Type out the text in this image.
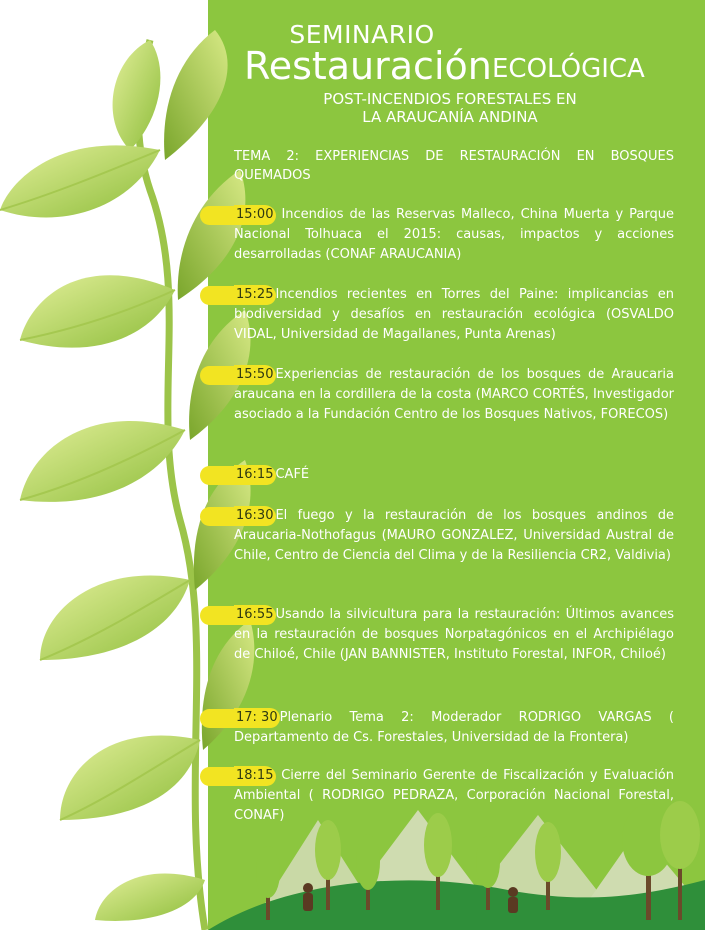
SEMINARIO
Restauración ECOLÓGICA
POST-INCENDIOS FORESTALES EN
LA ARAUCANÍA ANDINA
TEMA 2: EXPERIENCIAS DE RESTAURACIÓN EN BOSQUES QUEMADOS
15:00 Incendios de las Reservas Malleco, China Muerta y Parque Nacional Tolhuaca el 2015: causas, impactos y acciones desarrolladas (CONAF ARAUCANIA)
15:25 Incendios recientes en Torres del Paine: implicancias en biodiversidad y desafíos en restauración ecológica (OSVALDO VIDAL, Universidad de Magallanes, Punta Arenas)
15:50 Experiencias de restauración de los bosques de Araucaria araucana en la cordillera de la costa (MARCO CORTÉS, Investigador asociado a la Fundación Centro de los Bosques Nativos, FORECOS)
16:15 CAFÉ
16:30 El fuego y la restauración de los bosques andinos de Araucaria-Nothofagus (MAURO GONZALEZ, Universidad Austral de Chile, Centro de Ciencia del Clima y de la Resiliencia CR2, Valdivia)
16:55 Usando la silvicultura para la restauración: Últimos avances en la restauración de bosques Norpatagónicos en el Archipiélago de Chiloé, Chile (JAN BANNISTER, Instituto Forestal, INFOR, Chiloé)
17: 30 Plenario Tema 2: Moderador RODRIGO VARGAS ( Departamento de Cs. Forestales, Universidad de la Frontera)
18:15 Cierre del Seminario Gerente de Fiscalización y Evaluación Ambiental ( RODRIGO PEDRAZA, Corporación Nacional Forestal, CONAF)
